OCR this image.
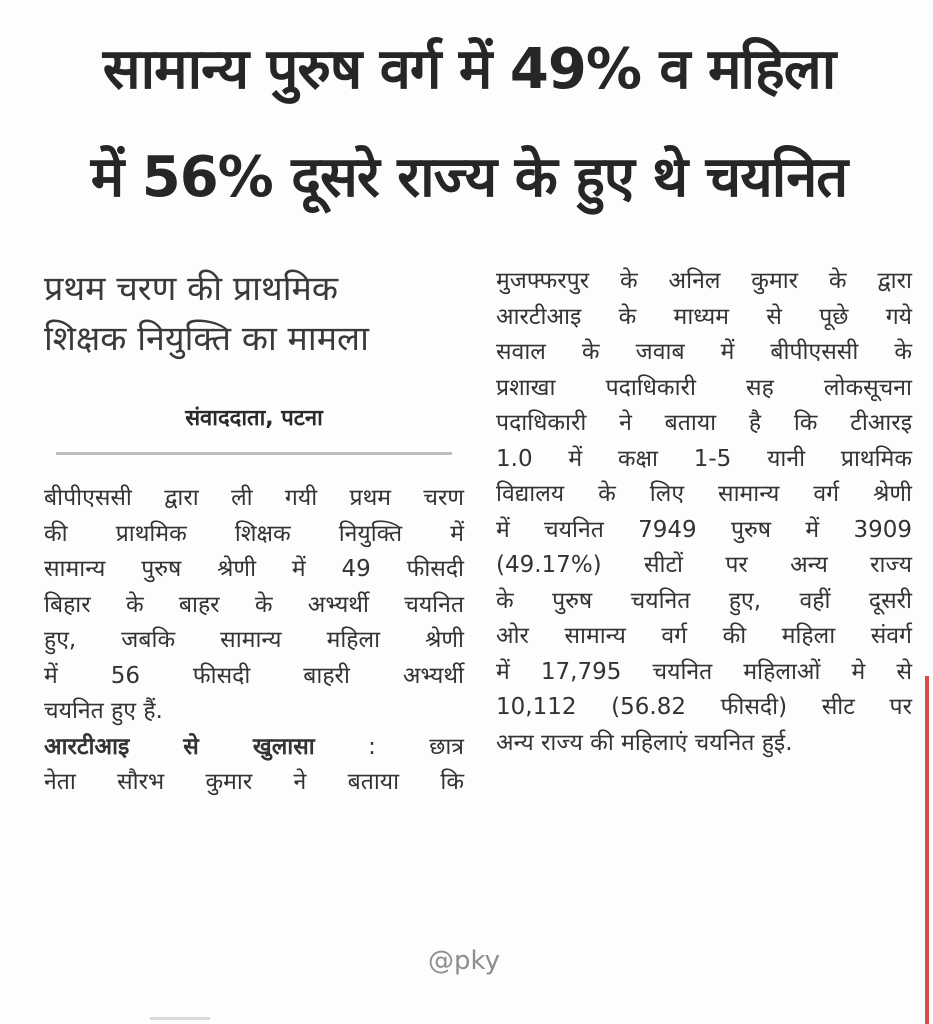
सामान्य पुरुष वर्ग में 49% व महिला
में 56% दूसरे राज्य के हुए थे चयनित
प्रथम चरण की प्राथमिक
शिक्षक नियुक्ति का मामला
संवाददाता, पटना
बीपीएससी द्वारा ली गयी प्रथम चरण
की प्राथमिक शिक्षक नियुक्ति में
सामान्य पुरुष श्रेणी में 49 फीसदी
बिहार के बाहर के अभ्यर्थी चयनित
हुए, जबकि सामान्य महिला श्रेणी
में 56 फीसदी बाहरी अभ्यर्थी
चयनित हुए हैं.
आरटीआइ से खुलासा : छात्र
नेता सौरभ कुमार ने बताया कि
मुजफ्फरपुर के अनिल कुमार के द्वारा
आरटीआइ के माध्यम से पूछे गये
सवाल के जवाब में बीपीएससी के
प्रशाखा पदाधिकारी सह लोकसूचना
पदाधिकारी ने बताया है कि टीआरइ
1.0 में कक्षा 1-5 यानी प्राथमिक
विद्यालय के लिए सामान्य वर्ग श्रेणी
में चयनित 7949 पुरुष में 3909
(49.17%) सीटों पर अन्य राज्य
के पुरुष चयनित हुए, वहीं दूसरी
ओर सामान्य वर्ग की महिला संवर्ग
में 17,795 चयनित महिलाओं मे से
10,112 (56.82 फीसदी) सीट पर
अन्य राज्य की महिलाएं चयनित हुई.
@pky
